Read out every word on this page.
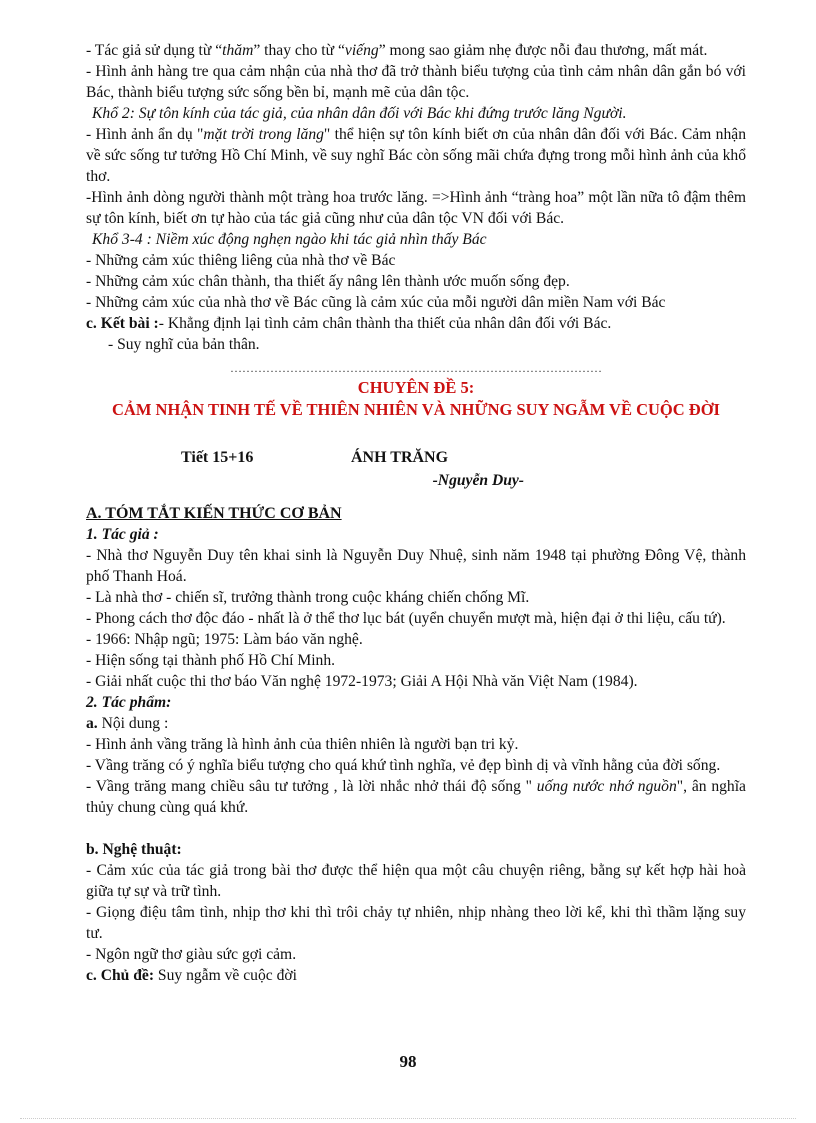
- Tác giả sử dụng từ “thăm” thay cho từ “viếng” mong sao giảm nhẹ được nỗi đau thương, mất mát.

- Hình ảnh hàng tre qua cảm nhận của nhà thơ đã trở thành biểu tượng của tình cảm nhân dân gắn bó với Bác, thành biểu tượng sức sống bền bỉ, mạnh mẽ của dân tộc.

Khổ 2: Sự tôn kính của tác giả, của nhân dân đối với Bác khi đứng trước lăng Người.

- Hình ảnh ẩn dụ "mặt trời trong lăng" thể hiện sự tôn kính biết ơn của nhân dân đối với Bác. Cảm nhận về sức sống tư tưởng Hồ Chí Minh, về suy nghĩ Bác còn sống mãi chứa đựng trong mỗi hình ảnh của khổ thơ.

-Hình ảnh dòng người thành một tràng hoa trước lăng. =>Hình ảnh “tràng hoa” một lần nữa tô đậm thêm sự tôn kính, biết ơn tự hào của tác giả cũng như của dân tộc VN đối với Bác.

Khổ 3-4 : Niềm xúc động nghẹn ngào khi tác giả nhìn thấy Bác

- Những cảm xúc thiêng liêng của nhà thơ về Bác

- Những cảm xúc chân thành, tha thiết ấy nâng lên thành ước muốn sống đẹp.

- Những cảm xúc của nhà thơ về Bác cũng là cảm xúc của mỗi người dân miền Nam với Bác

c. Kết bài :- Khẳng định lại tình cảm chân thành tha thiết của nhân dân đối với Bác.

- Suy nghĩ của bản thân.

…………………………………………………………………………………

CHUYÊN ĐỀ 5:

CẢM NHẬN TINH TẾ VỀ THIÊN NHIÊN VÀ NHỮNG SUY NGẪM VỀ CUỘC ĐỜI

Tiết 15+16	ÁNH TRĂNG

-Nguyễn Duy-

A. TÓM TẮT KIẾN THỨC CƠ BẢN

1. Tác giả :

- Nhà thơ Nguyễn Duy tên khai sinh là Nguyễn Duy Nhuệ, sinh năm 1948 tại phường Đông Vệ, thành phố Thanh Hoá.

- Là nhà thơ - chiến sĩ, trưởng thành trong cuộc kháng chiến chống Mĩ.

- Phong cách thơ độc đáo - nhất là ở thể thơ lục bát (uyển chuyển mượt mà, hiện đại ở thi liệu, cấu tứ).

- 1966: Nhập ngũ; 1975: Làm báo văn nghệ.

- Hiện sống tại thành phố Hồ Chí Minh.

- Giải nhất cuộc thi thơ báo Văn nghệ 1972-1973; Giải A Hội Nhà văn Việt Nam (1984).

2. Tác phẩm:

a. Nội dung :

- Hình ảnh vầng trăng là hình ảnh của thiên nhiên là người bạn tri kỷ.

- Vầng trăng có ý nghĩa biểu tượng cho quá khứ tình nghĩa, vẻ đẹp bình dị và vĩnh hằng của đời sống.

- Vầng trăng mang chiều sâu tư tưởng , là lời nhắc nhở thái độ sống " uống nước nhớ nguồn", ân nghĩa thủy chung cùng quá khứ.

b. Nghệ thuật:

- Cảm xúc của tác giả trong bài thơ được thể hiện qua một câu chuyện riêng, bằng sự kết hợp hài hoà giữa tự sự và trữ tình.

- Giọng điệu tâm tình, nhịp thơ khi thì trôi chảy tự nhiên, nhịp nhàng theo lời kể, khi thì thầm lặng suy tư.

- Ngôn ngữ thơ giàu sức gợi cảm.

c. Chủ đề: Suy ngẫm về cuộc đời

98
